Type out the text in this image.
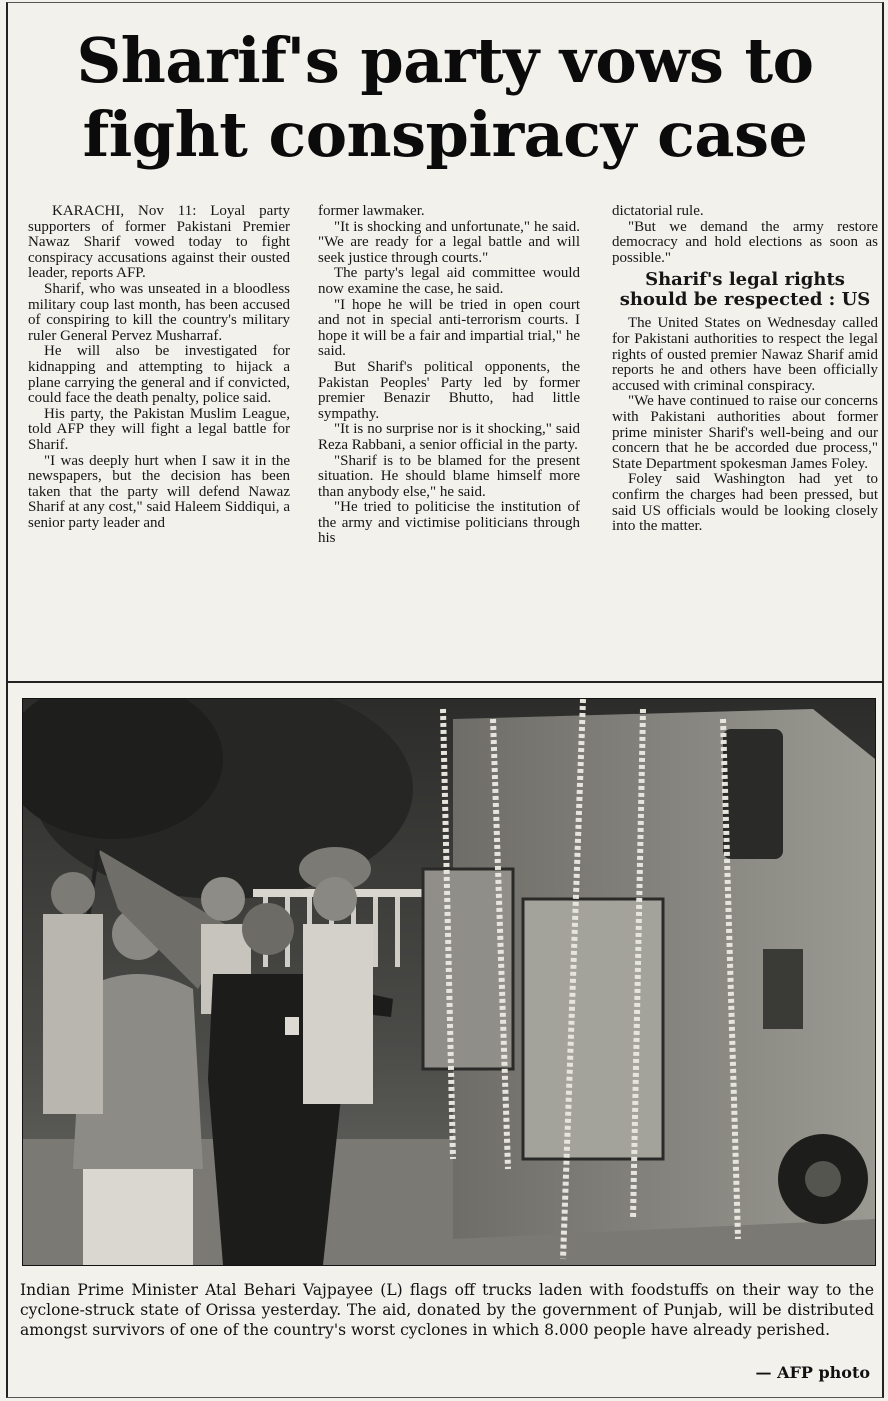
Sharif's party vows to fight conspiracy case

KARACHI, Nov 11: Loyal party supporters of former Pakistani Premier Nawaz Sharif vowed today to fight conspiracy accusations against their ousted leader, reports AFP.

Sharif, who was unseated in a bloodless military coup last month, has been accused of conspiring to kill the country's military ruler General Pervez Musharraf.

He will also be investigated for kidnapping and attempting to hijack a plane carrying the general and if convicted, could face the death penalty, police said.

His party, the Pakistan Muslim League, told AFP they will fight a legal battle for Sharif.

"I was deeply hurt when I saw it in the newspapers, but the decision has been taken that the party will defend Nawaz Sharif at any cost," said Haleem Siddiqui, a senior party leader and

former lawmaker.

"It is shocking and unfortunate," he said. "We are ready for a legal battle and will seek justice through courts."

The party's legal aid committee would now examine the case, he said.

"I hope he will be tried in open court and not in special anti-terrorism courts. I hope it will be a fair and impartial trial," he said.

But Sharif's political opponents, the Pakistan Peoples' Party led by former premier Benazir Bhutto, had little sympathy.

"It is no surprise nor is it shocking," said Reza Rabbani, a senior official in the party.

"Sharif is to be blamed for the present situation. He should blame himself more than anybody else," he said.

"He tried to politicise the institution of the army and victimise politicians through his

dictatorial rule.

"But we demand the army restore democracy and hold elections as soon as possible."

Sharif's legal rights should be respected : US

The United States on Wednesday called for Pakistani authorities to respect the legal rights of ousted premier Nawaz Sharif amid reports he and others have been officially accused with criminal conspiracy.

"We have continued to raise our concerns with Pakistani authorities about former prime minister Sharif's well-being and our concern that he be accorded due process," State Department spokesman James Foley.

Foley said Washington had yet to confirm the charges had been pressed, but said US officials would be looking closely into the matter.

Indian Prime Minister Atal Behari Vajpayee (L) flags off trucks laden with foodstuffs on their way to the cyclone-struck state of Orissa yesterday. The aid, donated by the government of Punjab, will be distributed amongst survivors of one of the country's worst cyclones in which 8.000 people have already perished.

— AFP photo
